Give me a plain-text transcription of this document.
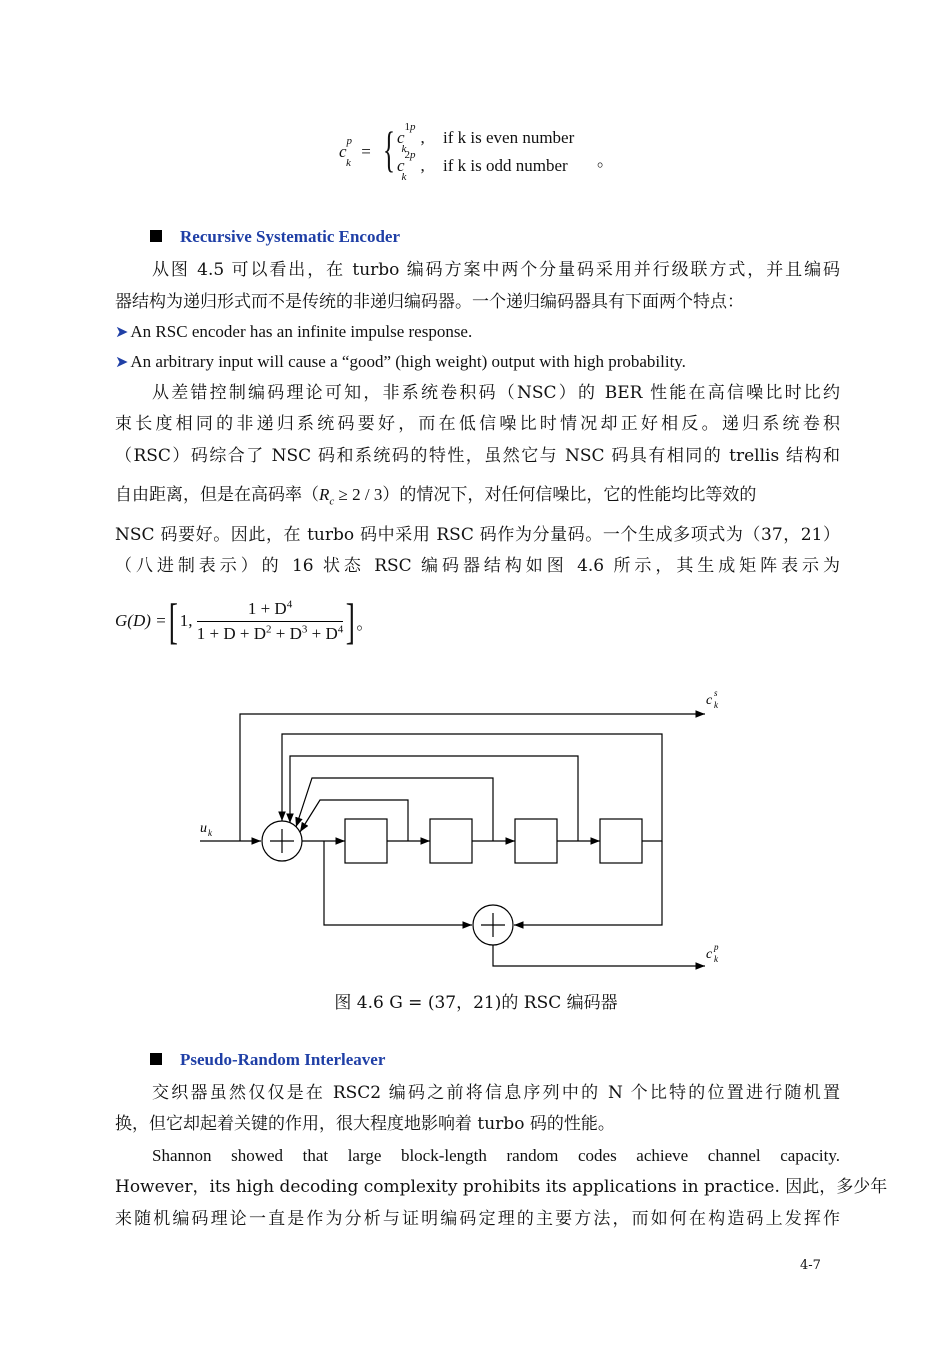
$c^p_k$ = { $c^{1p}_k$, if k is even number
$c^{2p}_k$, if k is odd number 。
Recursive Systematic Encoder
从图 4.5 可以看出，在 turbo 编码方案中两个分量码采用并行级联方式，并且编码
器结构为递归形式而不是传统的非递归编码器。一个递归编码器具有下面两个特点：
➤ An RSC encoder has an infinite impulse response.
➤ An arbitrary input will cause a “good” (high weight) output with high probability.
从差错控制编码理论可知，非系统卷积码（NSC）的 BER 性能在高信噪比时比约
束长度相同的非递归系统码要好，而在低信噪比时情况却正好相反。递归系统卷积
（RSC）码综合了 NSC 码和系统码的特性，虽然它与 NSC 码具有相同的 trellis 结构和
自由距离，但是在高码率$(R_c \ge 2 / 3)$的情况下，对任何信噪比，它的性能均比等效的
NSC 码要好。因此，在 turbo 码中采用 RSC 码作为分量码。一个生成多项式为（37，21）
（八进制表示）的 16 状态 RSC 编码器结构如图 4.6 所示，其生成矩阵表示为
G(D) = [ 1, $\frac{1 + D^4}{1 + D + D^2 + D^3 + D^4}$ ] 。
u k
c s
k
c p
k
图 4.6 G = (37，21)的 RSC 编码器
Pseudo-Random Interleaver
交织器虽然仅仅是在 RSC2 编码之前将信息序列中的 N 个比特的位置进行随机置
换，但它却起着关键的作用，很大程度地影响着 turbo 码的性能。
Shannon showed that large block-length random codes achieve channel capacity.
However，its high decoding complexity prohibits its applications in practice. 因此，多少年
来随机编码理论一直是作为分析与证明编码定理的主要方法，而如何在构造码上发挥作
4-7
